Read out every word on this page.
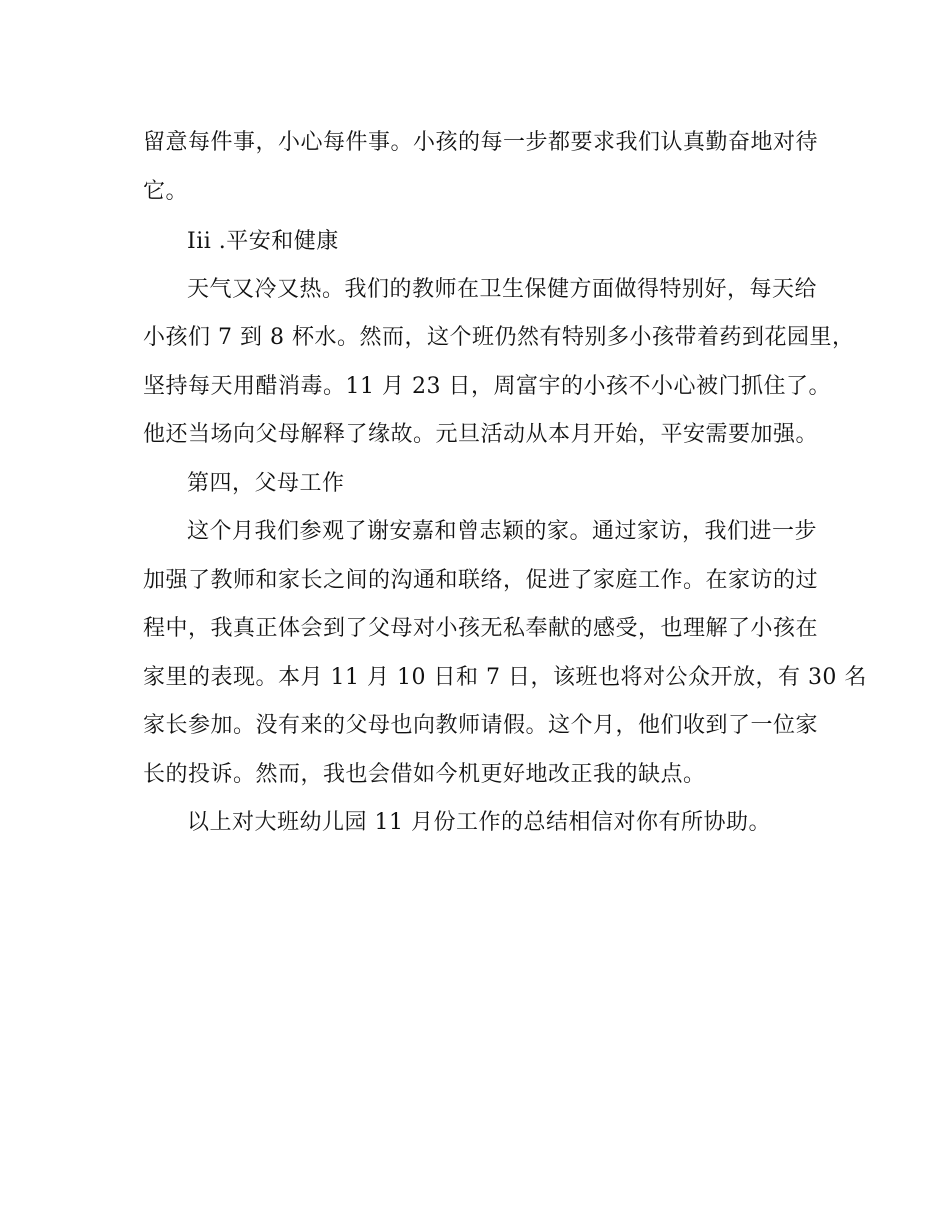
留意每件事，小心每件事。小孩的每一步都要求我们认真勤奋地对待
它。
Iii .平安和健康
天气又冷又热。我们的教师在卫生保健方面做得特别好，每天给
小孩们 7 到 8 杯水。然而，这个班仍然有特别多小孩带着药到花园里，
坚持每天用醋消毒。11 月 23 日，周富宇的小孩不小心被门抓住了。
他还当场向父母解释了缘故。元旦活动从本月开始，平安需要加强。
第四，父母工作
这个月我们参观了谢安嘉和曾志颖的家。通过家访，我们进一步
加强了教师和家长之间的沟通和联络，促进了家庭工作。在家访的过
程中，我真正体会到了父母对小孩无私奉献的感受，也理解了小孩在
家里的表现。本月 11 月 10 日和 7 日，该班也将对公众开放，有 30 名
家长参加。没有来的父母也向教师请假。这个月，他们收到了一位家
长的投诉。然而，我也会借如今机更好地改正我的缺点。
以上对大班幼儿园 11 月份工作的总结相信对你有所协助。
